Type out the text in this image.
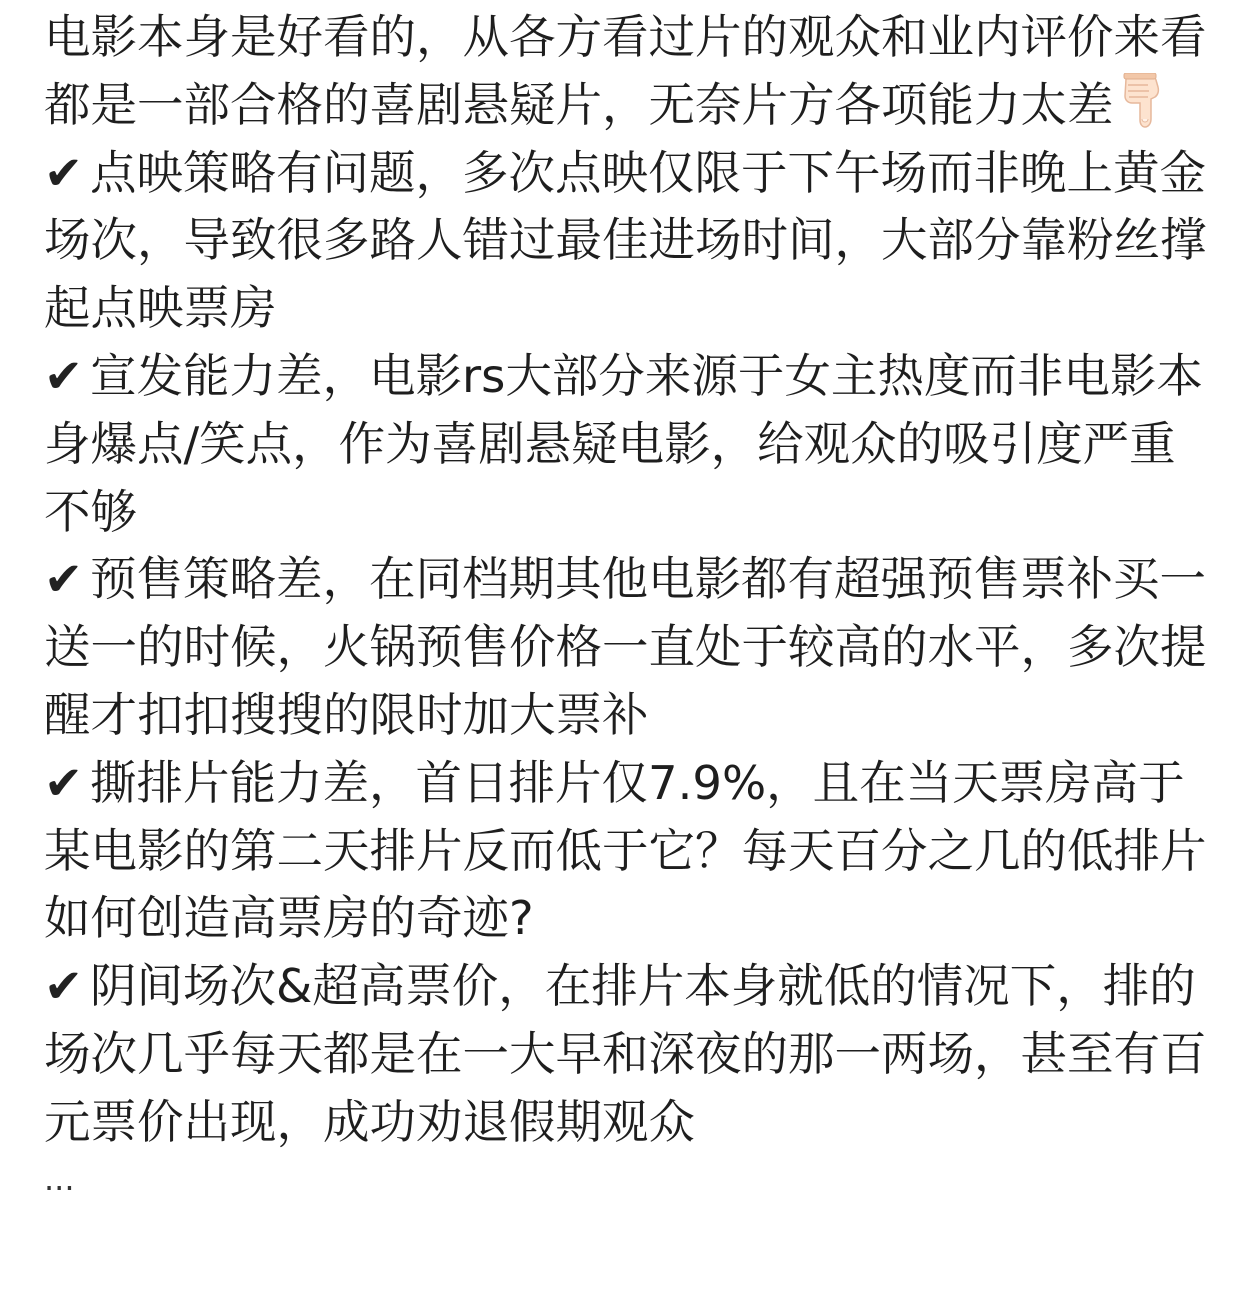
电影本身是好看的，从各方看过片的观众和业内评价来看都是一部合格的喜剧悬疑片，无奈片方各项能力太差

✔ 点映策略有问题，多次点映仅限于下午场而非晚上黄金场次，导致很多路人错过最佳进场时间，大部分靠粉丝撑起点映票房

✔ 宣发能力差，电影rs大部分来源于女主热度而非电影本身爆点/笑点，作为喜剧悬疑电影，给观众的吸引度严重不够

✔ 预售策略差，在同档期其他电影都有超强预售票补买一送一的时候，火锅预售价格一直处于较高的水平，多次提醒才扣扣搜搜的限时加大票补

✔ 撕排片能力差，首日排片仅7.9%，且在当天票房高于某电影的第二天排片反而低于它？每天百分之几的低排片如何创造高票房的奇迹?

✔ 阴间场次&超高票价，在排片本身就低的情况下，排的场次几乎每天都是在一大早和深夜的那一两场，甚至有百元票价出现，成功劝退假期观众

...
